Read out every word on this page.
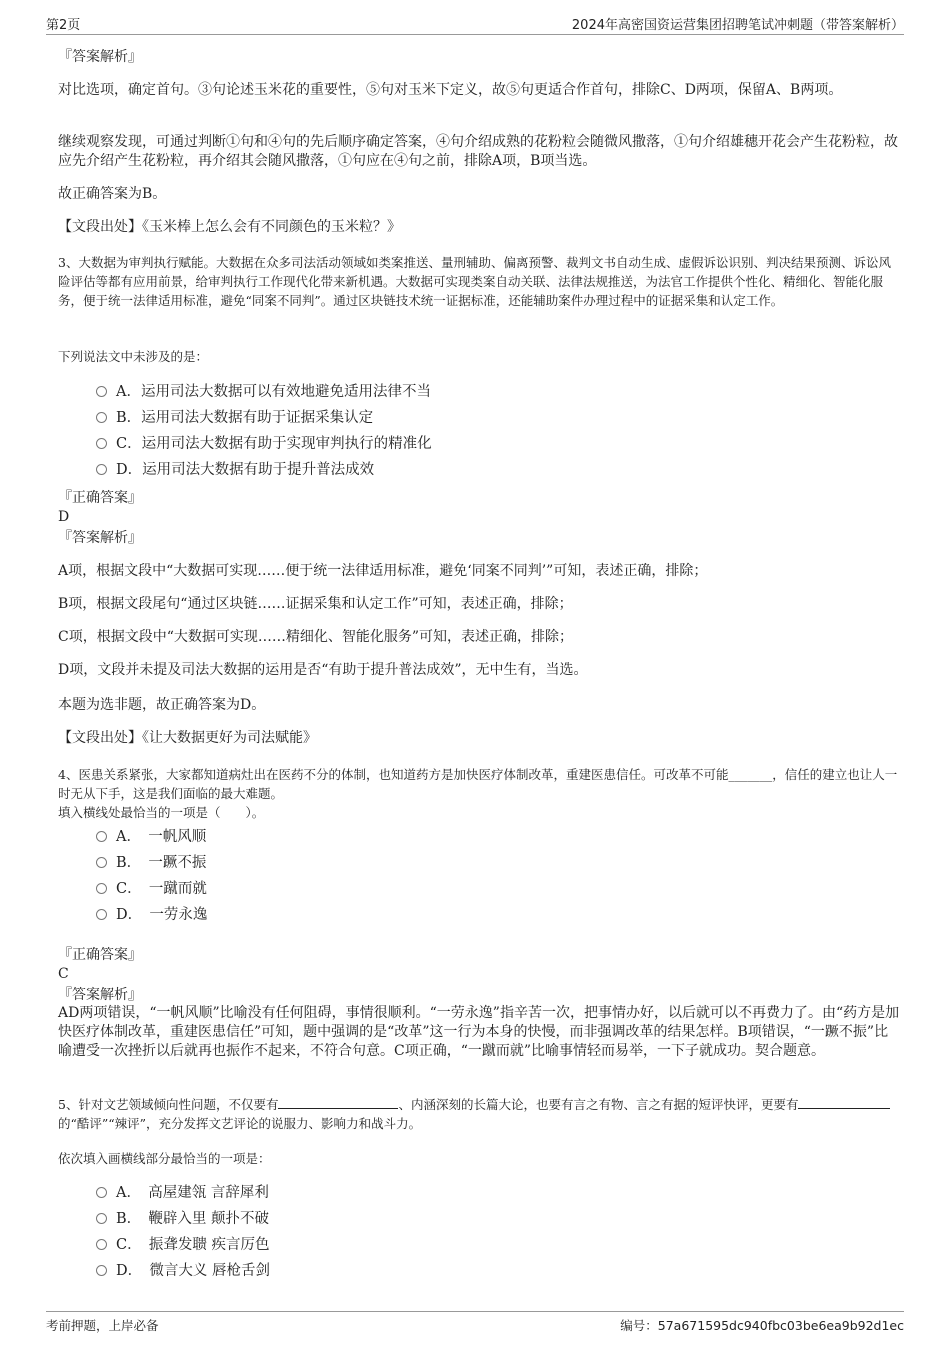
第2页	2024年高密国资运营集团招聘笔试冲刺题（带答案解析）
『答案解析』
对比选项，确定首句。③句论述玉米花的重要性，⑤句对玉米下定义，故⑤句更适合作首句，排除C、D两项，保留A、B两项。
继续观察发现，可通过判断①句和④句的先后顺序确定答案，④句介绍成熟的花粉粒会随微风撒落，①句介绍雄穗开花会产生花粉粒，故应先介绍产生花粉粒，再介绍其会随风撒落，①句应在④句之前，排除A项，B项当选。
故正确答案为B。
【文段出处】《玉米棒上怎么会有不同颜色的玉米粒？》
3、大数据为审判执行赋能。大数据在众多司法活动领域如类案推送、量刑辅助、偏离预警、裁判文书自动生成、虚假诉讼识别、判决结果预测、诉讼风险评估等都有应用前景，给审判执行工作现代化带来新机遇。大数据可实现类案自动关联、法律法规推送，为法官工作提供个性化、精细化、智能化服务，便于统一法律适用标准，避免“同案不同判”。通过区块链技术统一证据标准，还能辅助案件办理过程中的证据采集和认定工作。
下列说法文中未涉及的是：
A．运用司法大数据可以有效地避免适用法律不当
B．运用司法大数据有助于证据采集认定
C．运用司法大数据有助于实现审判执行的精准化
D．运用司法大数据有助于提升普法成效
『正确答案』
D
『答案解析』
A项，根据文段中“大数据可实现……便于统一法律适用标准，避免‘同案不同判’”可知，表述正确，排除；
B项，根据文段尾句“通过区块链……证据采集和认定工作”可知，表述正确，排除；
C项，根据文段中“大数据可实现……精细化、智能化服务”可知，表述正确，排除；
D项，文段并未提及司法大数据的运用是否“有助于提升普法成效”，无中生有，当选。
本题为选非题，故正确答案为D。
【文段出处】《让大数据更好为司法赋能》
4、医患关系紧张，大家都知道病灶出在医药不分的体制，也知道药方是加快医疗体制改革，重建医患信任。可改革不可能_______，信任的建立也让人一时无从下手，这是我们面临的最大难题。
填入横线处最恰当的一项是（　　）。
A．　一帆风顺
B．　一蹶不振
C．　一蹴而就
D．　一劳永逸
『正确答案』
C
『答案解析』
AD两项错误，“一帆风顺”比喻没有任何阻碍，事情很顺利。“一劳永逸”指辛苦一次，把事情办好，以后就可以不再费力了。由“药方是加快医疗体制改革，重建医患信任”可知，题中强调的是“改革”这一行为本身的快慢，而非强调改革的结果怎样。B项错误，“一蹶不振”比喻遭受一次挫折以后就再也振作不起来，不符合句意。C项正确，“一蹴而就”比喻事情轻而易举，一下子就成功。契合题意。
5、针对文艺领域倾向性问题，不仅要有	、内涵深刻的长篇大论，也要有言之有物、言之有据的短评快评，更要有的“酷评”“辣评”，充分发挥文艺评论的说服力、影响力和战斗力。
依次填入画横线部分最恰当的一项是：
A．　高屋建瓴 言辞犀利
B．　鞭辟入里 颠扑不破
C．　振聋发聩 疾言厉色
D．　微言大义 唇枪舌剑
考前押题，上岸必备	编号：57a671595dc940fbc03be6ea9b92d1ec
